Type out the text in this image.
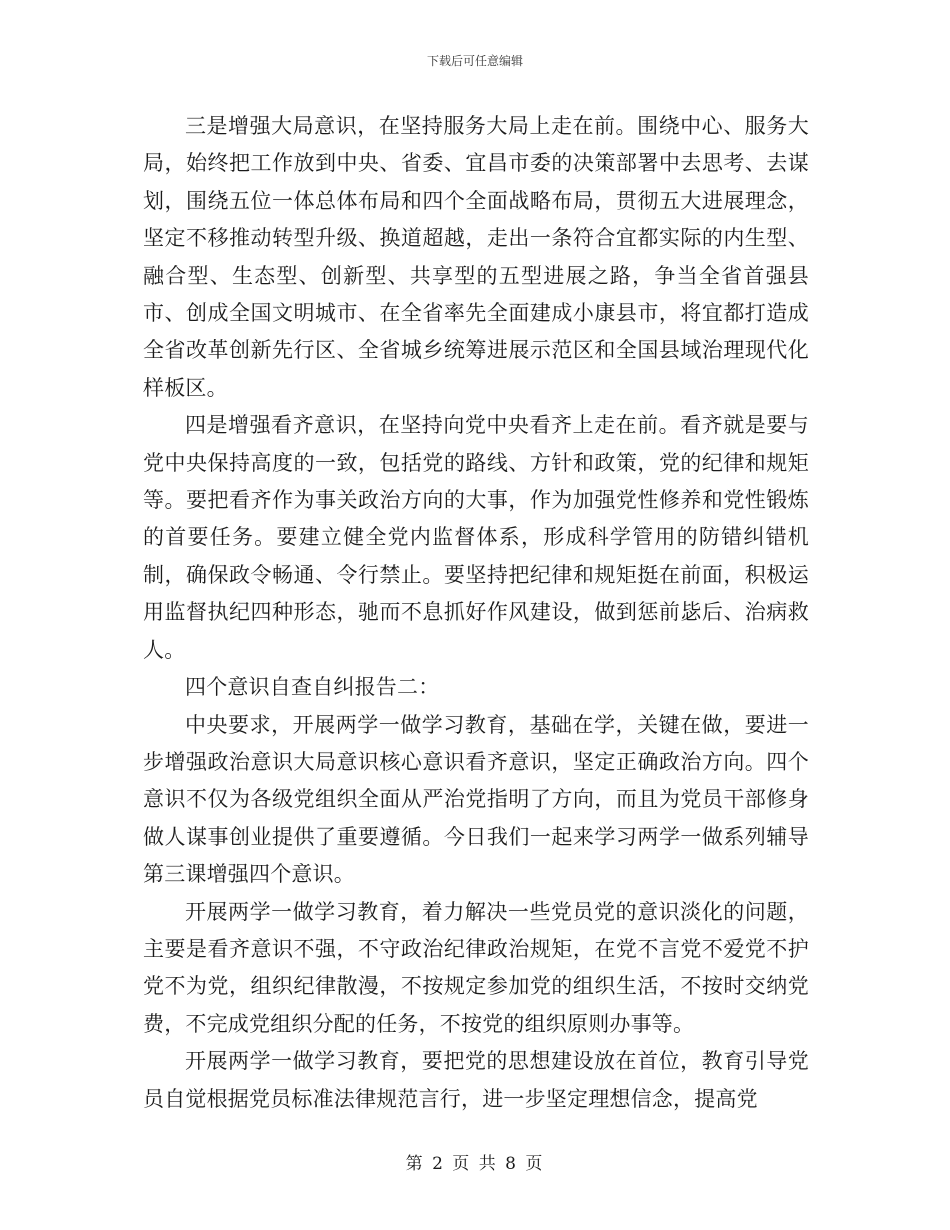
下载后可任意编辑

三是增强大局意识，在坚持服务大局上走在前。围绕中心、服务大局，始终把工作放到中央、省委、宜昌市委的决策部署中去思考、去谋划，围绕五位一体总体布局和四个全面战略布局，贯彻五大进展理念，坚定不移推动转型升级、换道超越，走出一条符合宜都实际的内生型、融合型、生态型、创新型、共享型的五型进展之路，争当全省首强县市、创成全国文明城市、在全省率先全面建成小康县市，将宜都打造成全省改革创新先行区、全省城乡统筹进展示范区和全国县域治理现代化样板区。

四是增强看齐意识，在坚持向党中央看齐上走在前。看齐就是要与党中央保持高度的一致，包括党的路线、方针和政策，党的纪律和规矩等。要把看齐作为事关政治方向的大事，作为加强党性修养和党性锻炼的首要任务。要建立健全党内监督体系，形成科学管用的防错纠错机制，确保政令畅通、令行禁止。要坚持把纪律和规矩挺在前面，积极运用监督执纪四种形态，驰而不息抓好作风建设，做到惩前毖后、治病救人。

四个意识自查自纠报告二：

中央要求，开展两学一做学习教育，基础在学，关键在做，要进一步增强政治意识大局意识核心意识看齐意识，坚定正确政治方向。四个意识不仅为各级党组织全面从严治党指明了方向，而且为党员干部修身做人谋事创业提供了重要遵循。今日我们一起来学习两学一做系列辅导第三课增强四个意识。

开展两学一做学习教育，着力解决一些党员党的意识淡化的问题，主要是看齐意识不强，不守政治纪律政治规矩，在党不言党不爱党不护党不为党，组织纪律散漫，不按规定参加党的组织生活，不按时交纳党费，不完成党组织分配的任务，不按党的组织原则办事等。

开展两学一做学习教育，要把党的思想建设放在首位，教育引导党员自觉根据党员标准法律规范言行，进一步坚定理想信念，提高党

第 2 页 共 8 页
